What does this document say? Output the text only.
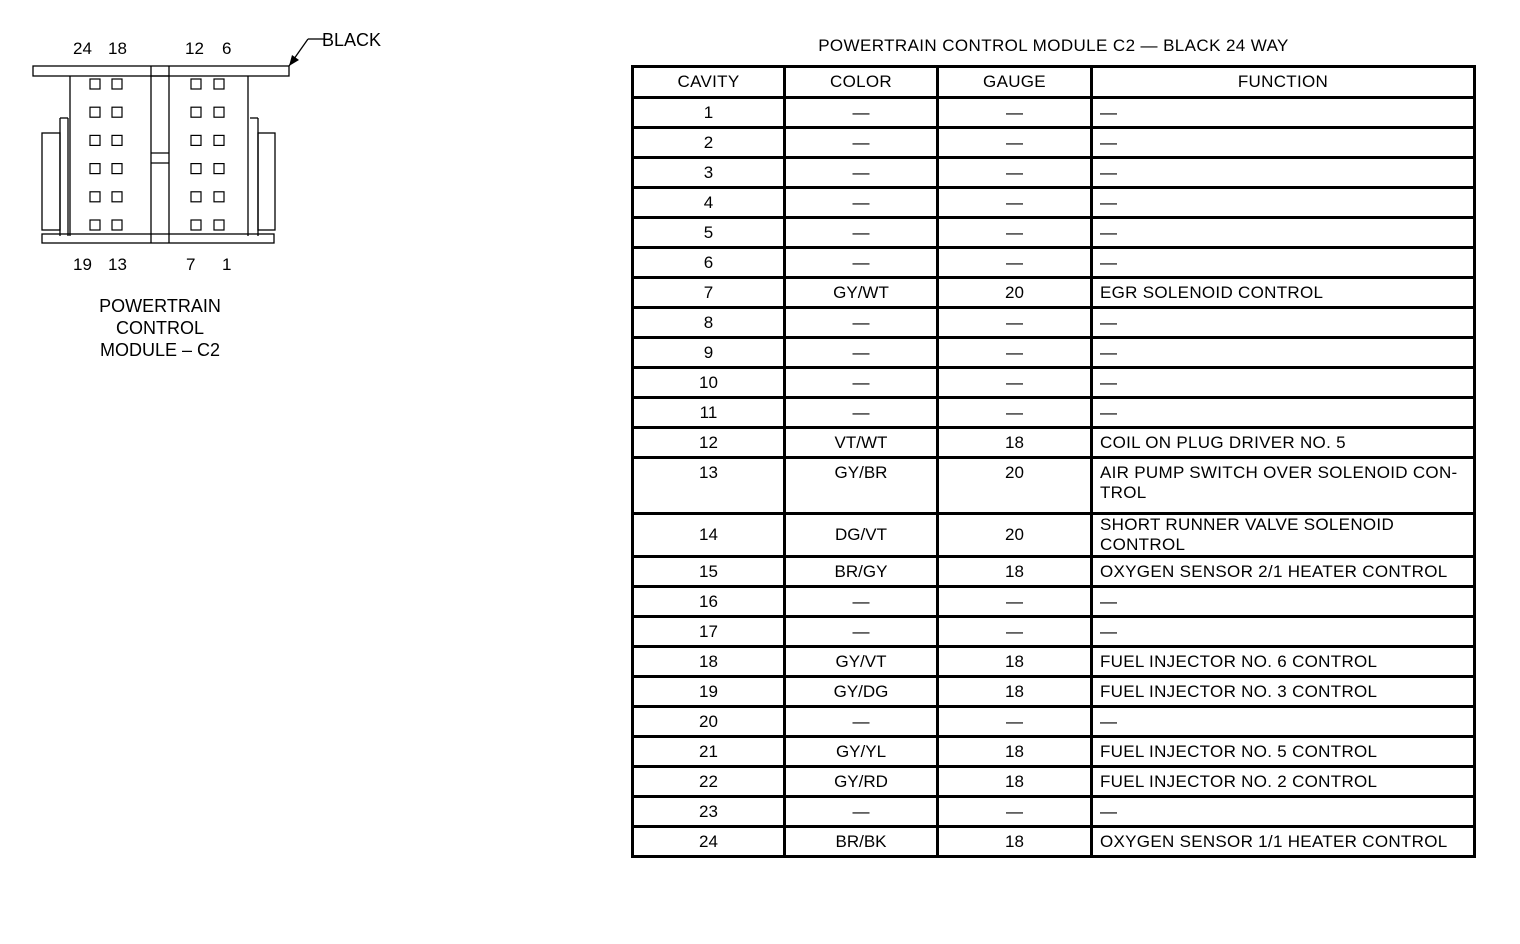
BLACK
24 18	12 6
19 13	7 1
POWERTRAIN
CONTROL
MODULE – C2
POWERTRAIN CONTROL MODULE C2 — BLACK 24 WAY
CAVITY	COLOR	GAUGE	FUNCTION
1	—	—	—
2	—	—	—
3	—	—	—
4	—	—	—
5	—	—	—
6	—	—	—
7	GY/WT	20	EGR SOLENOID CONTROL
8	—	—	—
9	—	—	—
10	—	—	—
11	—	—	—
12	VT/WT	18	COIL ON PLUG DRIVER NO. 5
13	GY/BR	20	AIR PUMP SWITCH OVER SOLENOID CON-TROL
14	DG/VT	20	SHORT RUNNER VALVE SOLENOID CONTROL
15	BR/GY	18	OXYGEN SENSOR 2/1 HEATER CONTROL
16	—	—	—
17	—	—	—
18	GY/VT	18	FUEL INJECTOR NO. 6 CONTROL
19	GY/DG	18	FUEL INJECTOR NO. 3 CONTROL
20	—	—	—
21	GY/YL	18	FUEL INJECTOR NO. 5 CONTROL
22	GY/RD	18	FUEL INJECTOR NO. 2 CONTROL
23	—	—	—
24	BR/BK	18	OXYGEN SENSOR 1/1 HEATER CONTROL
